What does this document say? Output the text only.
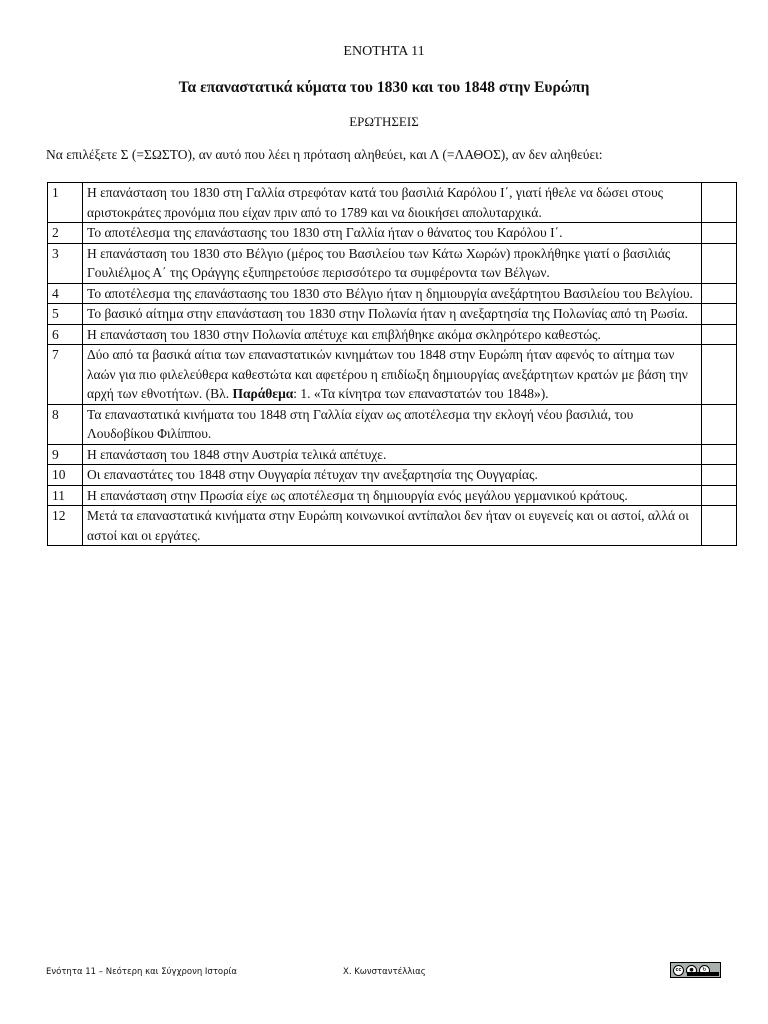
ΕΝΟΤΗΤΑ 11
Τα επαναστατικά κύματα του 1830 και του 1848 στην Ευρώπη
ΕΡΩΤΗΣΕΙΣ
Να επιλέξετε Σ (=ΣΩΣΤΟ), αν αυτό που λέει η πρόταση αληθεύει, και Λ (=ΛΑΘΟΣ), αν δεν αληθεύει:
1	Η επανάσταση του 1830 στη Γαλλία στρεφόταν κατά του βασιλιά Καρόλου Ι΄, γιατί ήθελε να δώσει στους αριστοκράτες προνόμια που είχαν πριν από το 1789 και να διοικήσει απολυταρχικά.	
2	Το αποτέλεσμα της επανάστασης του 1830 στη Γαλλία ήταν ο θάνατος του Καρόλου Ι΄.	
3	Η επανάσταση του 1830 στο Βέλγιο (μέρος του Βασιλείου των Κάτω Χωρών) προκλήθηκε γιατί ο βασιλιάς Γουλιέλμος Α΄ της Οράγγης εξυπηρετούσε περισσότερο τα συμφέροντα των Βέλγων.	
4	Το αποτέλεσμα της επανάστασης του 1830 στο Βέλγιο ήταν η δημιουργία ανεξάρτητου Βασιλείου του Βελγίου.	
5	Το βασικό αίτημα στην επανάσταση του 1830 στην Πολωνία ήταν η ανεξαρτησία της Πολωνίας από τη Ρωσία.	
6	Η επανάσταση του 1830 στην Πολωνία απέτυχε και επιβλήθηκε ακόμα σκληρότερο καθεστώς.	
7	Δύο από τα βασικά αίτια των επαναστατικών κινημάτων του 1848 στην Ευρώπη ήταν αφενός το αίτημα των λαών για πιο φιλελεύθερα καθεστώτα και αφετέρου η επιδίωξη δημιουργίας ανεξάρτητων κρατών με βάση την αρχή των εθνοτήτων. (Βλ. Παράθεμα: 1. «Τα κίνητρα των επαναστατών του 1848»).	
8	Τα επαναστατικά κινήματα του 1848 στη Γαλλία είχαν ως αποτέλεσμα την εκλογή νέου βασιλιά, του Λουδοβίκου Φιλίππου.	
9	Η επανάσταση του 1848 στην Αυστρία τελικά απέτυχε.	
10	Οι επαναστάτες του 1848 στην Ουγγαρία πέτυχαν την ανεξαρτησία της Ουγγαρίας.	
11	Η επανάσταση στην Πρωσία είχε ως αποτέλεσμα τη δημιουργία ενός μεγάλου γερμανικού κράτους.	
12	Μετά τα επαναστατικά κινήματα στην Ευρώπη κοινωνικοί αντίπαλοι δεν ήταν οι ευγενείς και οι αστοί, αλλά οι αστοί και οι εργάτες.	
Ενότητα 11 – Νεότερη και Σύγχρονη Ιστορία	Χ. Κωνσταντέλλιας	cc	●	↻
